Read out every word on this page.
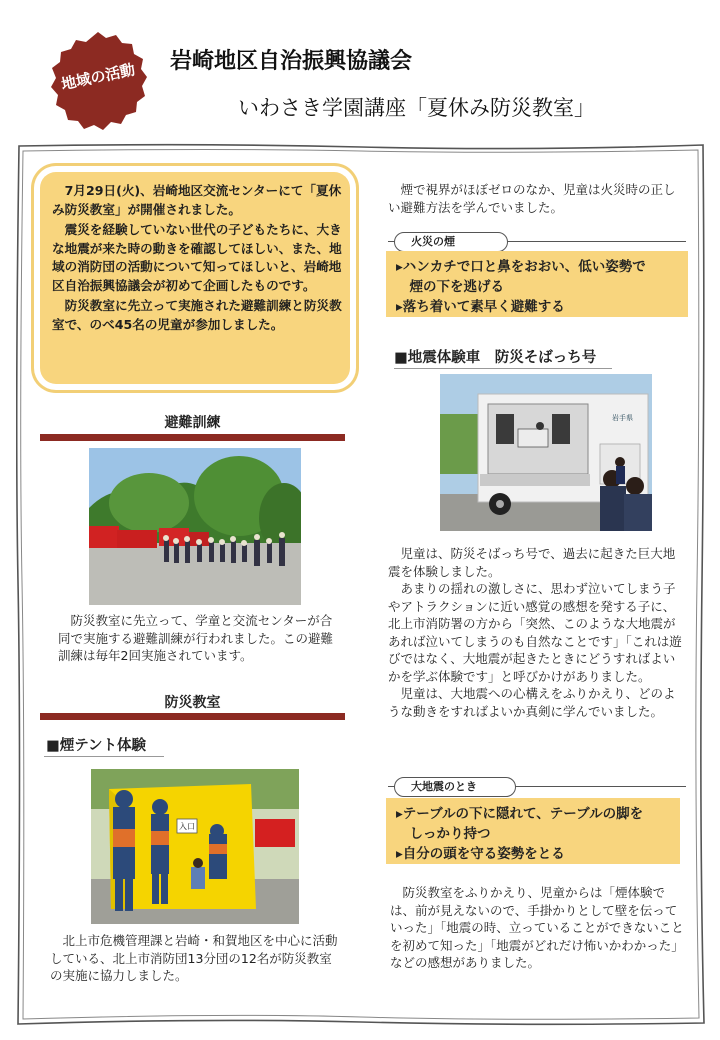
地域の活動	岩崎地区自治振興協議会
いわさき学園講座「夏休み防災教室」

7月29日(火)、岩崎地区交流センターにて「夏休み防災教室」が開催されました。

震災を経験していない世代の子どもたちに、大きな地震が来た時の動きを確認してほしい、また、地域の消防団の活動について知ってほしいと、岩崎地区自治振興協議会が初めて企画したものです。

防災教室に先立って実施された避難訓練と防災教室で、のべ45名の児童が参加しました。

避難訓練

防災教室に先立って、学童と交流センターが合同で実施する避難訓練が行われました。この避難訓練は毎年2回実施されています。

防災教室
■煙テント体験
入口

北上市危機管理課と岩崎・和賀地区を中心に活動している、北上市消防団13分団の12名が防災教室の実施に協力しました。

煙で視界がほぼゼロのなか、児童は火災時の正しい避難方法を学んでいました。

火災の煙
▸ハンカチで口と鼻をおおい、低い姿勢で
　煙の下を逃げる
▸落ち着いて素早く避難する
■地震体験車　防災そばっち号
岩手県

児童は、防災そばっち号で、過去に起きた巨大地震を体験しました。

あまりの揺れの激しさに、思わず泣いてしまう子やアトラクションに近い感覚の感想を発する子に、北上市消防署の方から「突然、このような大地震があれば泣いてしまうのも自然なことです」「これは遊びではなく、大地震が起きたときにどうすればよいかを学ぶ体験です」と呼びかけがありました。

児童は、大地震への心構えをふりかえり、どのような動きをすればよいか真剣に学んでいました。

大地震のとき
▸テーブルの下に隠れて、テーブルの脚を
　しっかり持つ
▸自分の頭を守る姿勢をとる

防災教室をふりかえり、児童からは「煙体験では、前が見えないので、手掛かりとして壁を伝っていった」「地震の時、立っていることができないことを初めて知った」「地震がどれだけ怖いかわかった」などの感想がありました。
